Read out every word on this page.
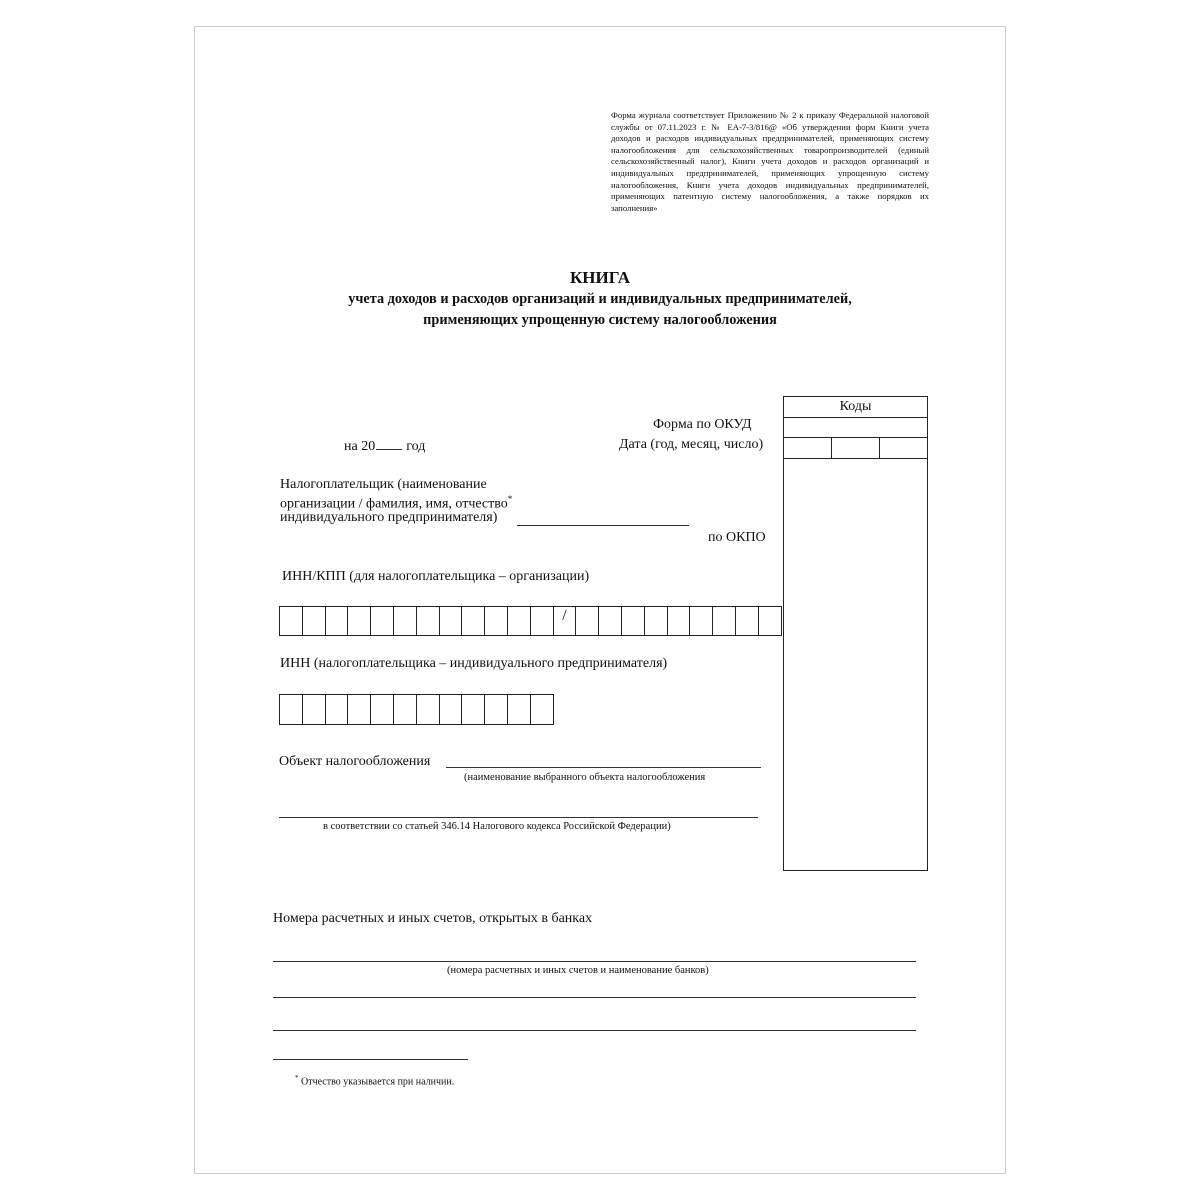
Форма журнала соответствует Приложению № 2 к приказу Федеральной налоговой службы от 07.11.2023 г. № ЕА-7-3/816@ «Об утверждении форм Книги учета доходов и расходов индивидуальных предпринимателей, применяющих систему налогообложения для сельскохозяйственных товаропроизводителей (единый сельскохозяйственный налог), Книги учета доходов и расходов организаций и индивидуальных предпринимателей, применяющих упрощенную систему налогообложения, Книги учета доходов индивидуальных предпринимателей, применяющих патентную систему налогообложения, а также порядков их заполнения»
КНИГА
учета доходов и расходов организаций и индивидуальных предпринимателей,
применяющих упрощенную систему налогообложения
Коды
Форма по ОКУД
на 20 год	Дата (год, месяц, число)
Налогоплательщик (наименование
организации / фамилия, имя, отчество*
индивидуального предпринимателя)
по ОКПО
ИНН/КПП (для налогоплательщика – организации)
/
ИНН (налогоплательщика – индивидуального предпринимателя)
Объект налогообложения
(наименование выбранного объекта налогообложения
в соответствии со статьей 346.14 Налогового кодекса Российской Федерации)
Номера расчетных и иных счетов, открытых в банках
(номера расчетных и иных счетов и наименование банков)
* Отчество указывается при наличии.
